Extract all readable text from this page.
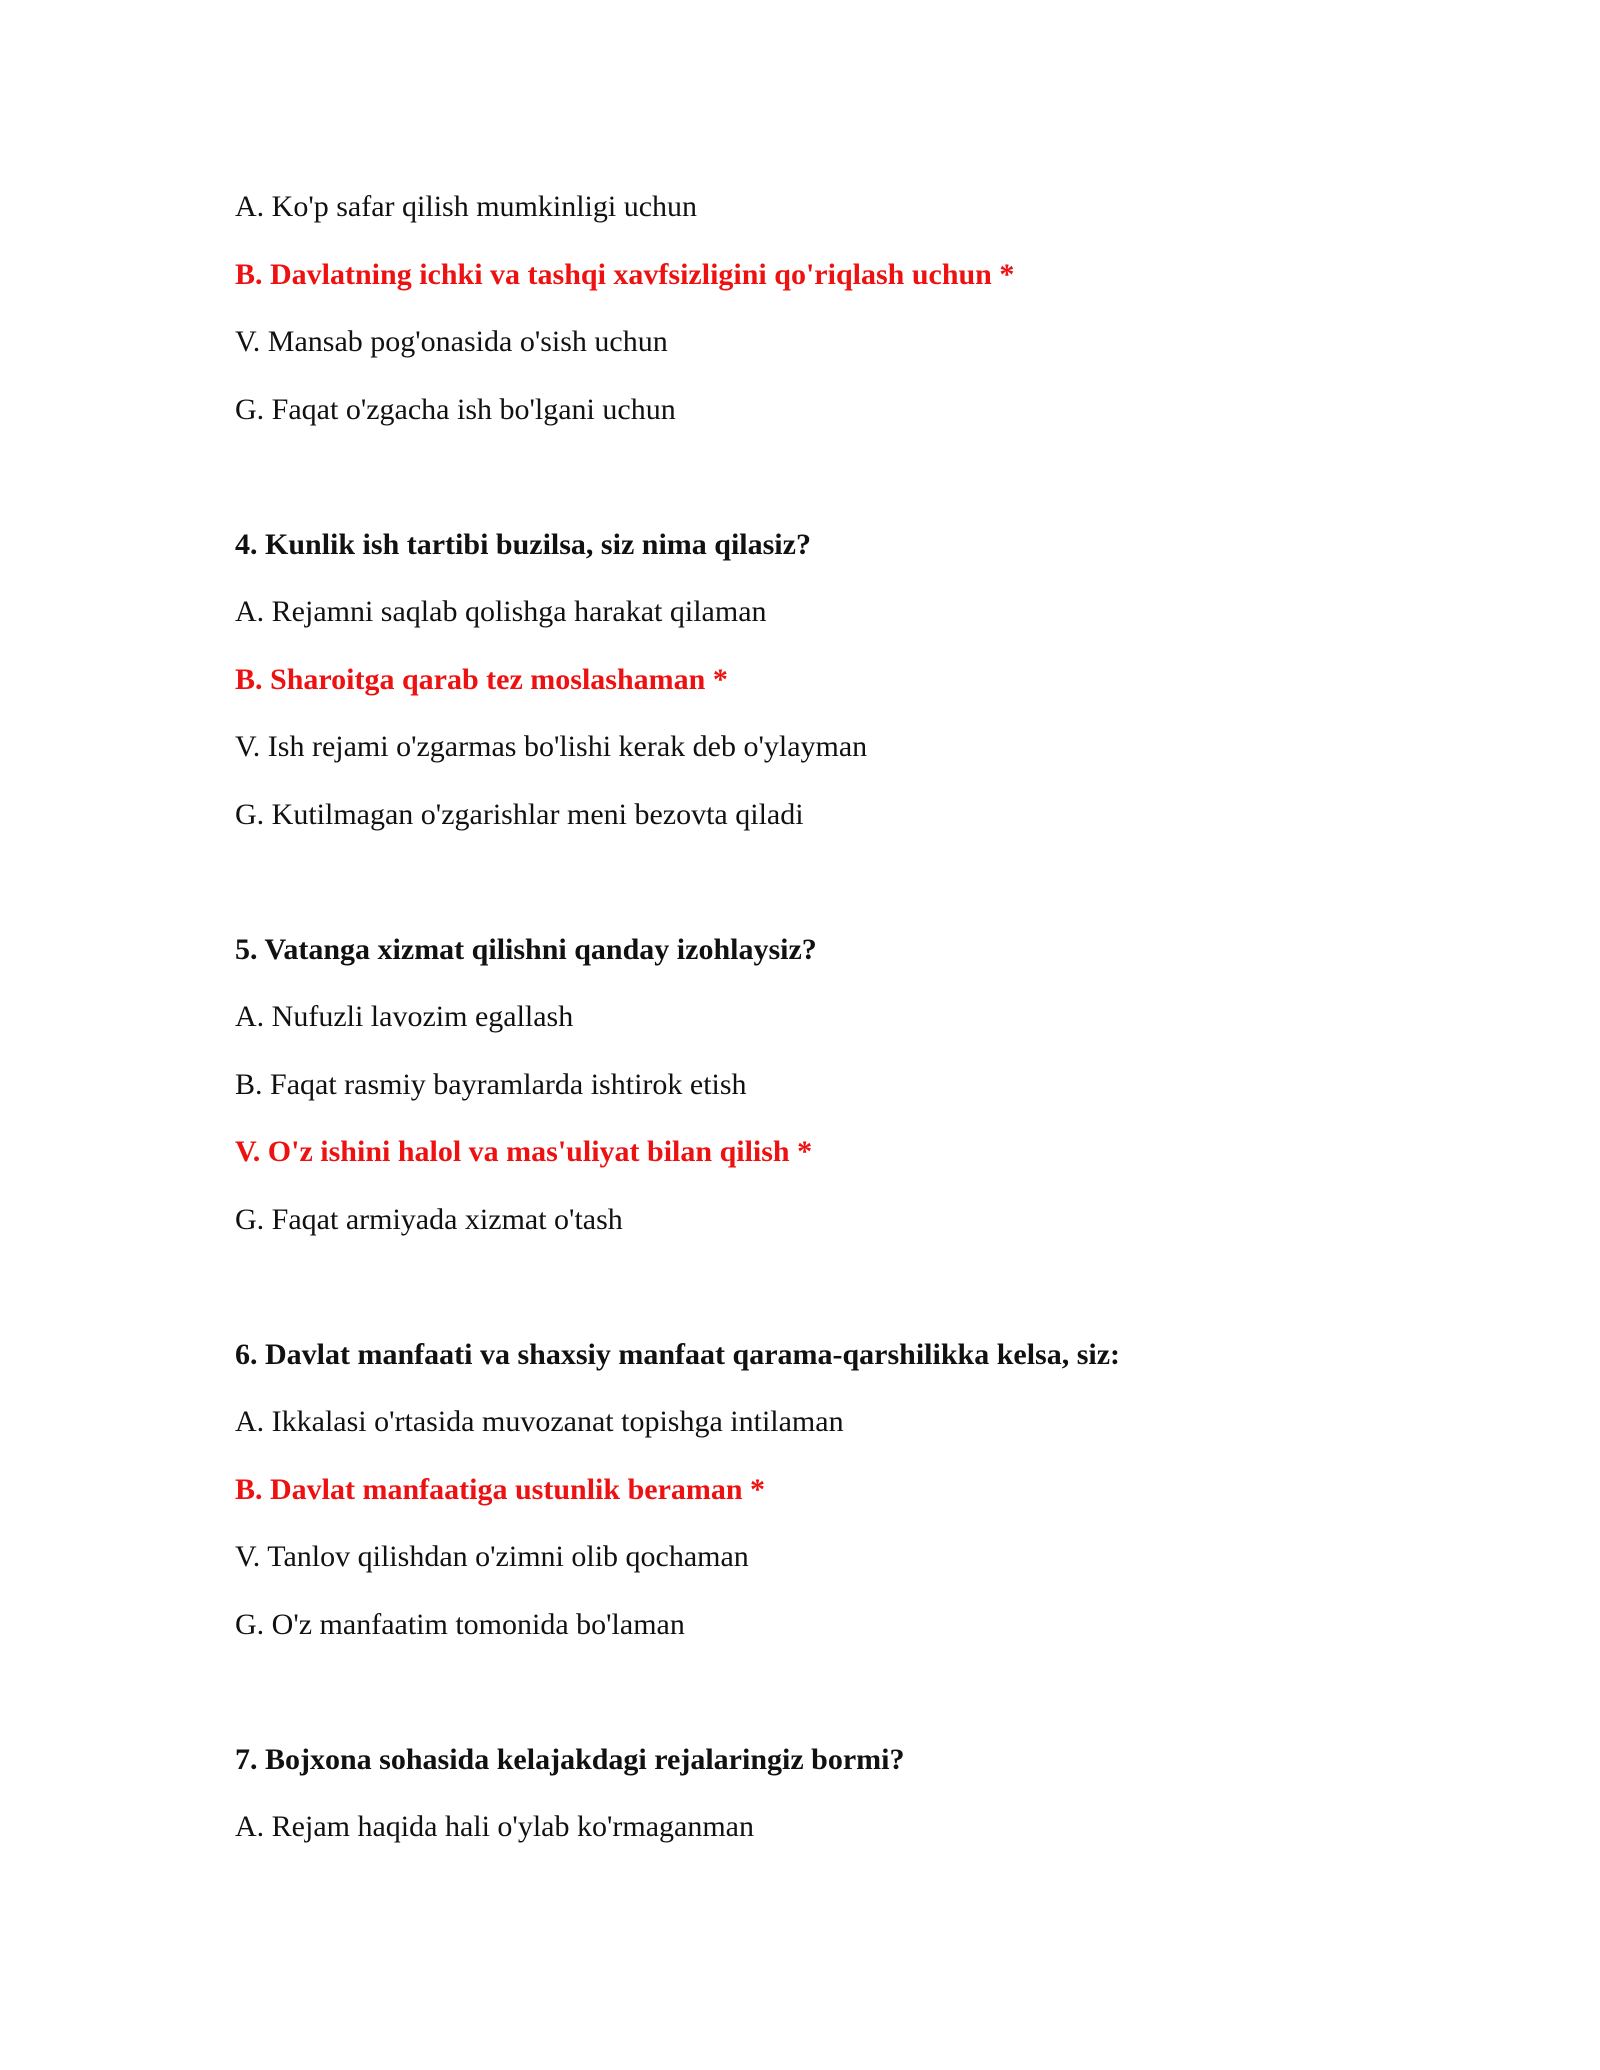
A. Ko'p safar qilish mumkinligi uchun
B. Davlatning ichki va tashqi xavfsizligini qo'riqlash uchun *
V. Mansab pog'onasida o'sish uchun
G. Faqat o'zgacha ish bo'lgani uchun
4. Kunlik ish tartibi buzilsa, siz nima qilasiz?
A. Rejamni saqlab qolishga harakat qilaman
B. Sharoitga qarab tez moslashaman *
V. Ish rejami o'zgarmas bo'lishi kerak deb o'ylayman
G. Kutilmagan o'zgarishlar meni bezovta qiladi
5. Vatanga xizmat qilishni qanday izohlaysiz?
A. Nufuzli lavozim egallash
B. Faqat rasmiy bayramlarda ishtirok etish
V. O'z ishini halol va mas'uliyat bilan qilish *
G. Faqat armiyada xizmat o'tash
6. Davlat manfaati va shaxsiy manfaat qarama-qarshilikka kelsa, siz:
A. Ikkalasi o'rtasida muvozanat topishga intilaman
B. Davlat manfaatiga ustunlik beraman *
V. Tanlov qilishdan o'zimni olib qochaman
G. O'z manfaatim tomonida bo'laman
7. Bojxona sohasida kelajakdagi rejalaringiz bormi?
A. Rejam haqida hali o'ylab ko'rmaganman
